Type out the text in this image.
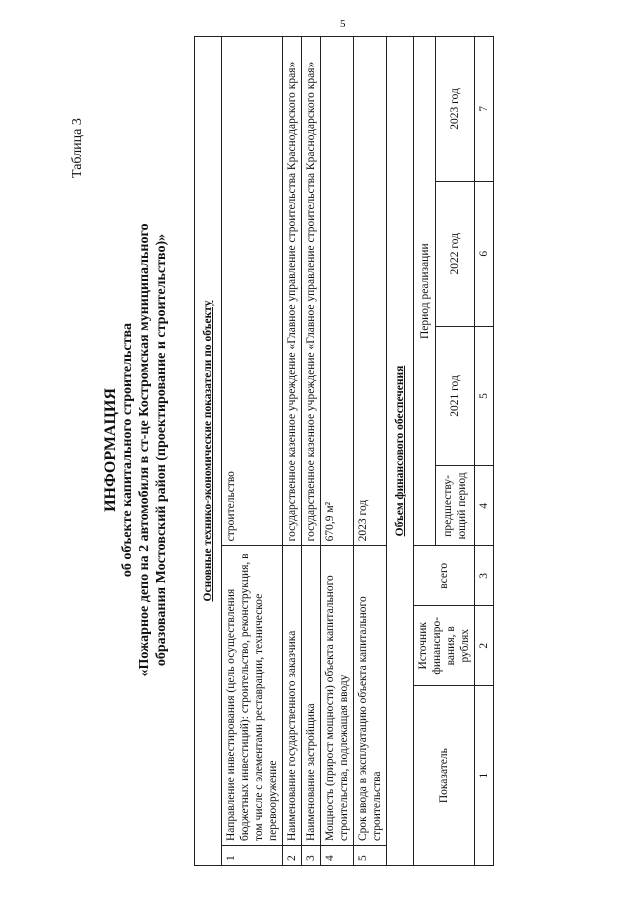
5
Таблица 3
ИНФОРМАЦИЯ об объекте капитального строительства «Пожарное депо на 2 автомобиля в ст-це Костромская муниципального образования Мостовский район (проектирование и строительство)»	Основные технико-экономические показатели по объекту							
1	Направление инвестирования (цель осуществления бюджетных инвестиций): строительство, реконструкция, в том числе с элементами реставрации, техническое перевооружение			строительство			
2	Наименование государственного заказчика			государственное казенное учреждение «Главное управление строительства Краснодарского края»			
3	Наименование застройщика			государственное казенное учреждение «Главное управление строительства Краснодарского края»			
4	Мощность (прирост мощности) объекта капитального строительства, подлежащая вводу			670,9 м²			
5	Срок ввода в эксплуатацию объекта капитального строительства			2023 год			
Объем финансового обеспечения							
Показатель		Источник финансиро-вания, в рублях	всего	Период реализации			
				предшеству-ющий период	2021 год	2022 год	2023 год
1		2	3	4	5	6	7
